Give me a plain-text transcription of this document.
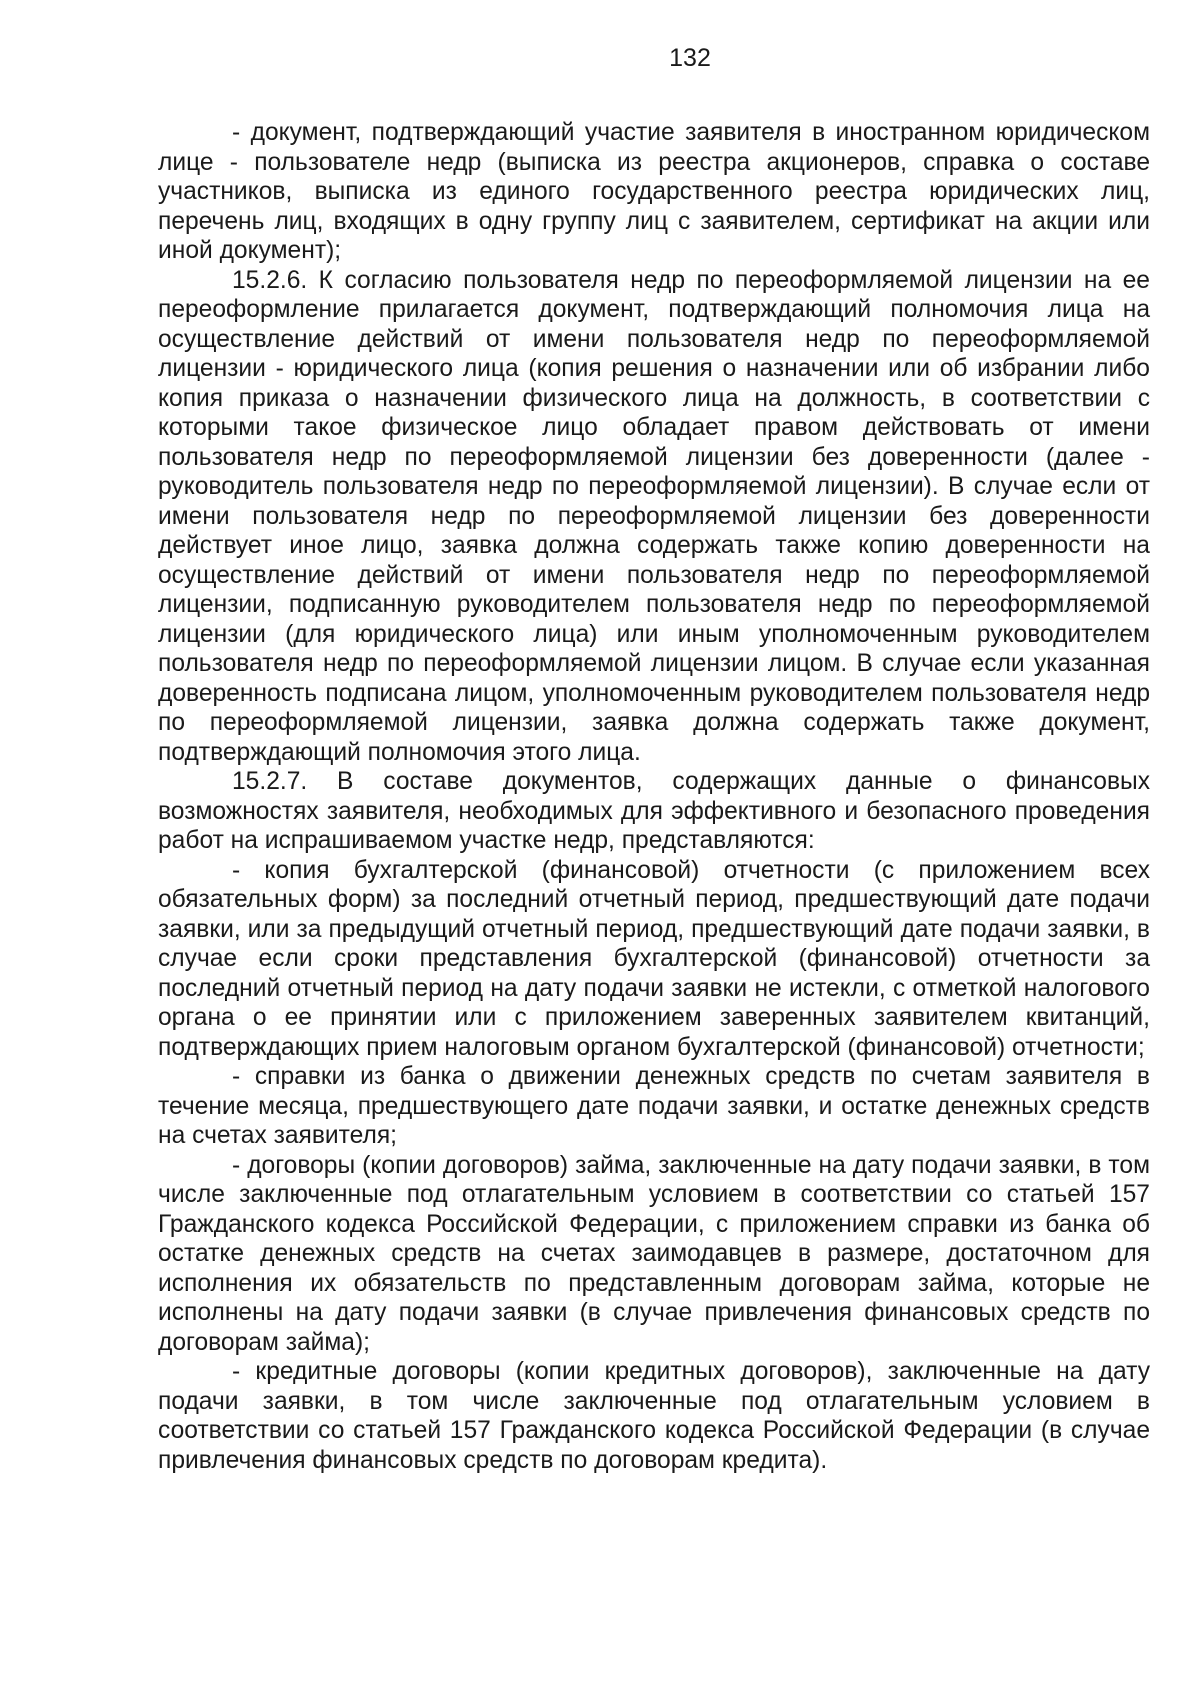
132

- документ, подтверждающий участие заявителя в иностранном юридическом лице - пользователе недр (выписка из реестра акционеров, справка о составе участников, выписка из единого государственного реестра юридических лиц, перечень лиц, входящих в одну группу лиц с заявителем, сертификат на акции или иной документ);

15.2.6. К согласию пользователя недр по переоформляемой лицензии на ее переоформление прилагается документ, подтверждающий полномочия лица на осуществление действий от имени пользователя недр по переоформляемой лицензии - юридического лица (копия решения о назначении или об избрании либо копия приказа о назначении физического лица на должность, в соответствии с которыми такое физическое лицо обладает правом действовать от имени пользователя недр по переоформляемой лицензии без доверенности (далее - руководитель пользователя недр по переоформляемой лицензии). В случае если от имени пользователя недр по переоформляемой лицензии без доверенности действует иное лицо, заявка должна содержать также копию доверенности на осуществление действий от имени пользователя недр по переоформляемой лицензии, подписанную руководителем пользователя недр по переоформляемой лицензии (для юридического лица) или иным уполномоченным руководителем пользователя недр по переоформляемой лицензии лицом. В случае если указанная доверенность подписана лицом, уполномоченным руководителем пользователя недр по переоформляемой лицензии, заявка должна содержать также документ, подтверждающий полномочия этого лица.

15.2.7. В составе документов, содержащих данные о финансовых возможностях заявителя, необходимых для эффективного и безопасного проведения работ на испрашиваемом участке недр, представляются:

- копия бухгалтерской (финансовой) отчетности (с приложением всех обязательных форм) за последний отчетный период, предшествующий дате подачи заявки, или за предыдущий отчетный период, предшествующий дате подачи заявки, в случае если сроки представления бухгалтерской (финансовой) отчетности за последний отчетный период на дату подачи заявки не истекли, с отметкой налогового органа о ее принятии или с приложением заверенных заявителем квитанций, подтверждающих прием налоговым органом бухгалтерской (финансовой) отчетности;

- справки из банка о движении денежных средств по счетам заявителя в течение месяца, предшествующего дате подачи заявки, и остатке денежных средств на счетах заявителя;

- договоры (копии договоров) займа, заключенные на дату подачи заявки, в том числе заключенные под отлагательным условием в соответствии со статьей 157 Гражданского кодекса Российской Федерации, с приложением справки из банка об остатке денежных средств на счетах заимодавцев в размере, достаточном для исполнения их обязательств по представленным договорам займа, которые не исполнены на дату подачи заявки (в случае привлечения финансовых средств по договорам займа);

- кредитные договоры (копии кредитных договоров), заключенные на дату подачи заявки, в том числе заключенные под отлагательным условием в соответствии со статьей 157 Гражданского кодекса Российской Федерации (в случае привлечения финансовых средств по договорам кредита).
